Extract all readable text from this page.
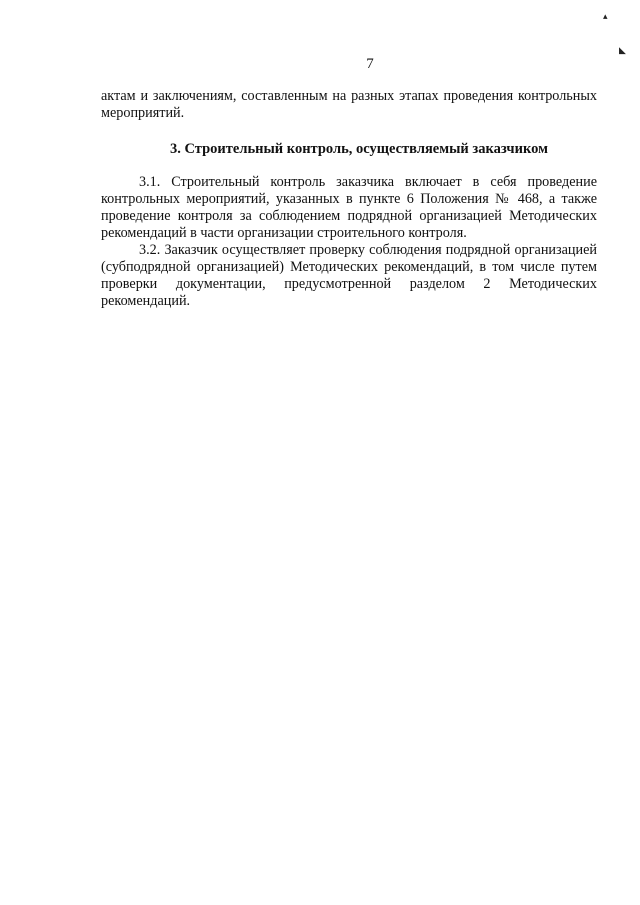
▴
◣
7

актам и заключениям, составленным на разных этапах проведения контрольных мероприятий.

3. Строительный контроль, осуществляемый заказчиком

3.1. Строительный контроль заказчика включает в себя проведение контрольных мероприятий, указанных в пункте 6 Положения № 468, а также проведение контроля за соблюдением подрядной организацией Методических рекомендаций в части организации строительного контроля.

3.2. Заказчик осуществляет проверку соблюдения подрядной организацией (субподрядной организацией) Методических рекомендаций, в том числе путем проверки документации, предусмотренной разделом 2 Методических рекомендаций.
